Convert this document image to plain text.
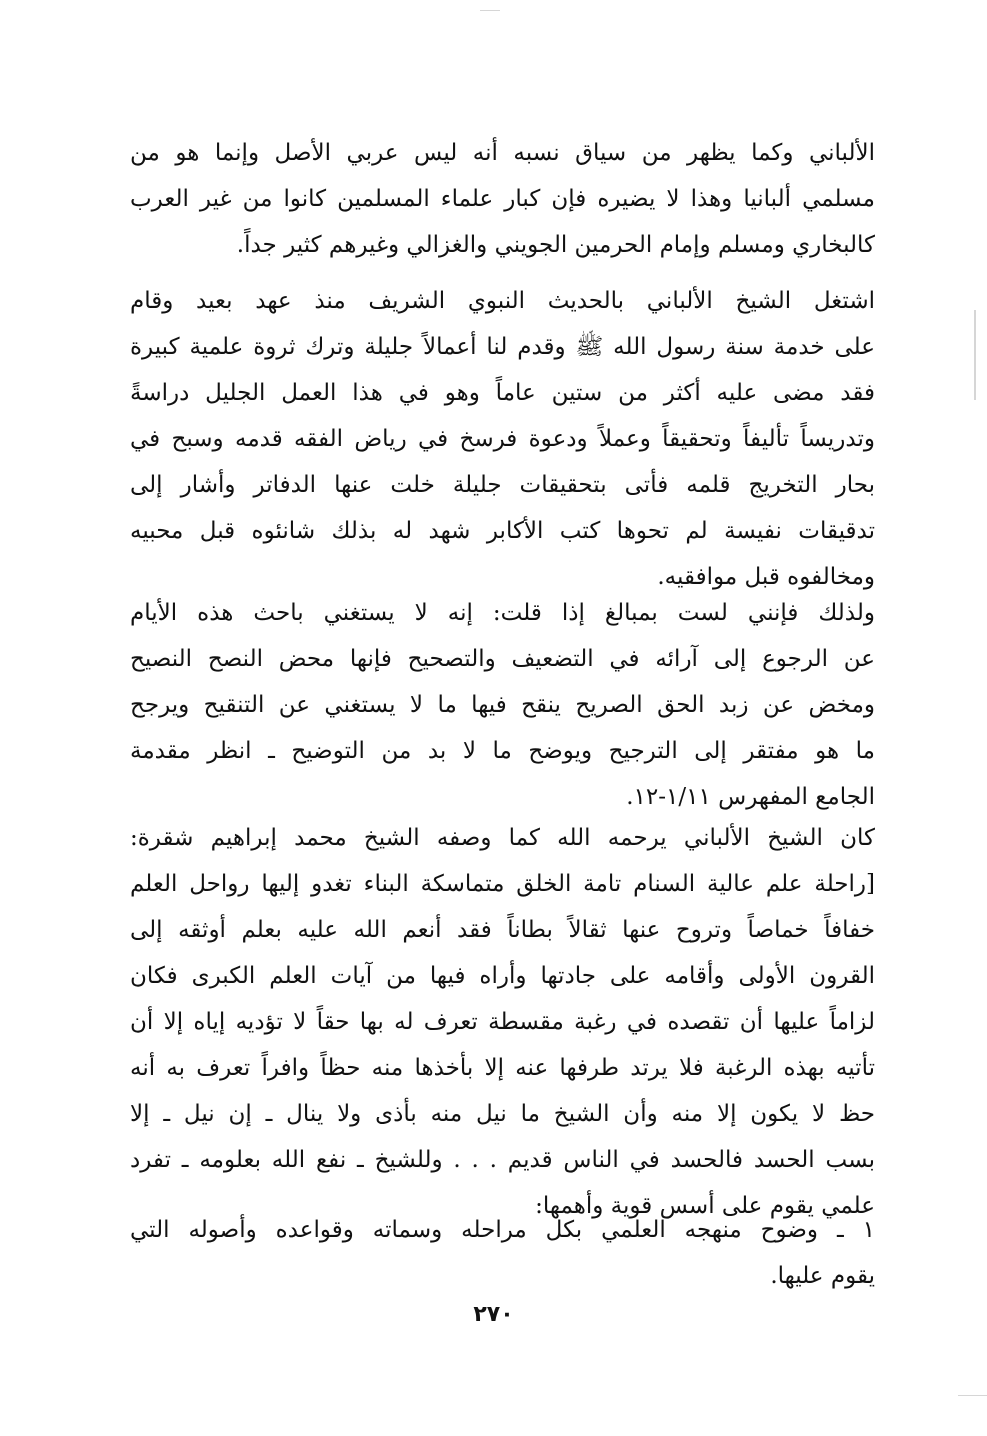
الألباني وكما يظهر من سياق نسبه أنه ليس عربي الأصل وإنما هو من
مسلمي ألبانيا وهذا لا يضيره فإن كبار علماء المسلمين كانوا من غير العرب
كالبخاري ومسلم وإمام الحرمين الجويني والغزالي وغيرهم كثير جداً.
اشتغل الشيخ الألباني بالحديث النبوي الشريف منذ عهد بعيد وقام
على خدمة سنة رسول الله ﷺ وقدم لنا أعمالاً جليلة وترك ثروة علمية كبيرة
فقد مضى عليه أكثر من ستين عاماً وهو في هذا العمل الجليل دراسةً
وتدريساً تأليفاً وتحقيقاً وعملاً ودعوة فرسخ في رياض الفقه قدمه وسبح في
بحار التخريج قلمه فأتى بتحقيقات جليلة خلت عنها الدفاتر وأشار إلى
تدقيقات نفيسة لم تحوها كتب الأكابر شهد له بذلك شانئوه قبل محبيه
ومخالفوه قبل موافقيه.
ولذلك فإنني لست بمبالغ إذا قلت: إنه لا يستغني باحث هذه الأيام
عن الرجوع إلى آرائه في التضعيف والتصحيح فإنها محض النصح النصيح
ومخض عن زبد الحق الصريح ينقح فيها ما لا يستغني عن التنقيح ويرجح
ما هو مفتقر إلى الترجيح ويوضح ما لا بد من التوضيح ـ انظر مقدمة
الجامع المفهرس ١/١١-١٢.
كان الشيخ الألباني يرحمه الله كما وصفه الشيخ محمد إبراهيم شقرة:
[راحلة علم عالية السنام تامة الخلق متماسكة البناء تغدو إليها رواحل العلم
خفافاً خماصاً وتروح عنها ثقالاً بطاناً فقد أنعم الله عليه بعلم أوثقه إلى
القرون الأولى وأقامه على جادتها وأراه فيها من آيات العلم الكبرى فكان
لزاماً عليها أن تقصده في رغبة مقسطة تعرف له بها حقاً لا تؤديه إياه إلا أن
تأتيه بهذه الرغبة فلا يرتد طرفها عنه إلا بأخذها منه حظاً وافراً تعرف به أنه
حظ لا يكون إلا منه وأن الشيخ ما نيل منه بأذى ولا ينال ـ إن نيل ـ إلا
بسب الحسد فالحسد في الناس قديم . . . وللشيخ ـ نفع الله بعلومه ـ تفرد
علمي يقوم على أسس قوية وأهمها:
١ ـ وضوح منهجه العلمي بكل مراحله وسماته وقواعده وأصوله التي
يقوم عليها.
٢٧٠
